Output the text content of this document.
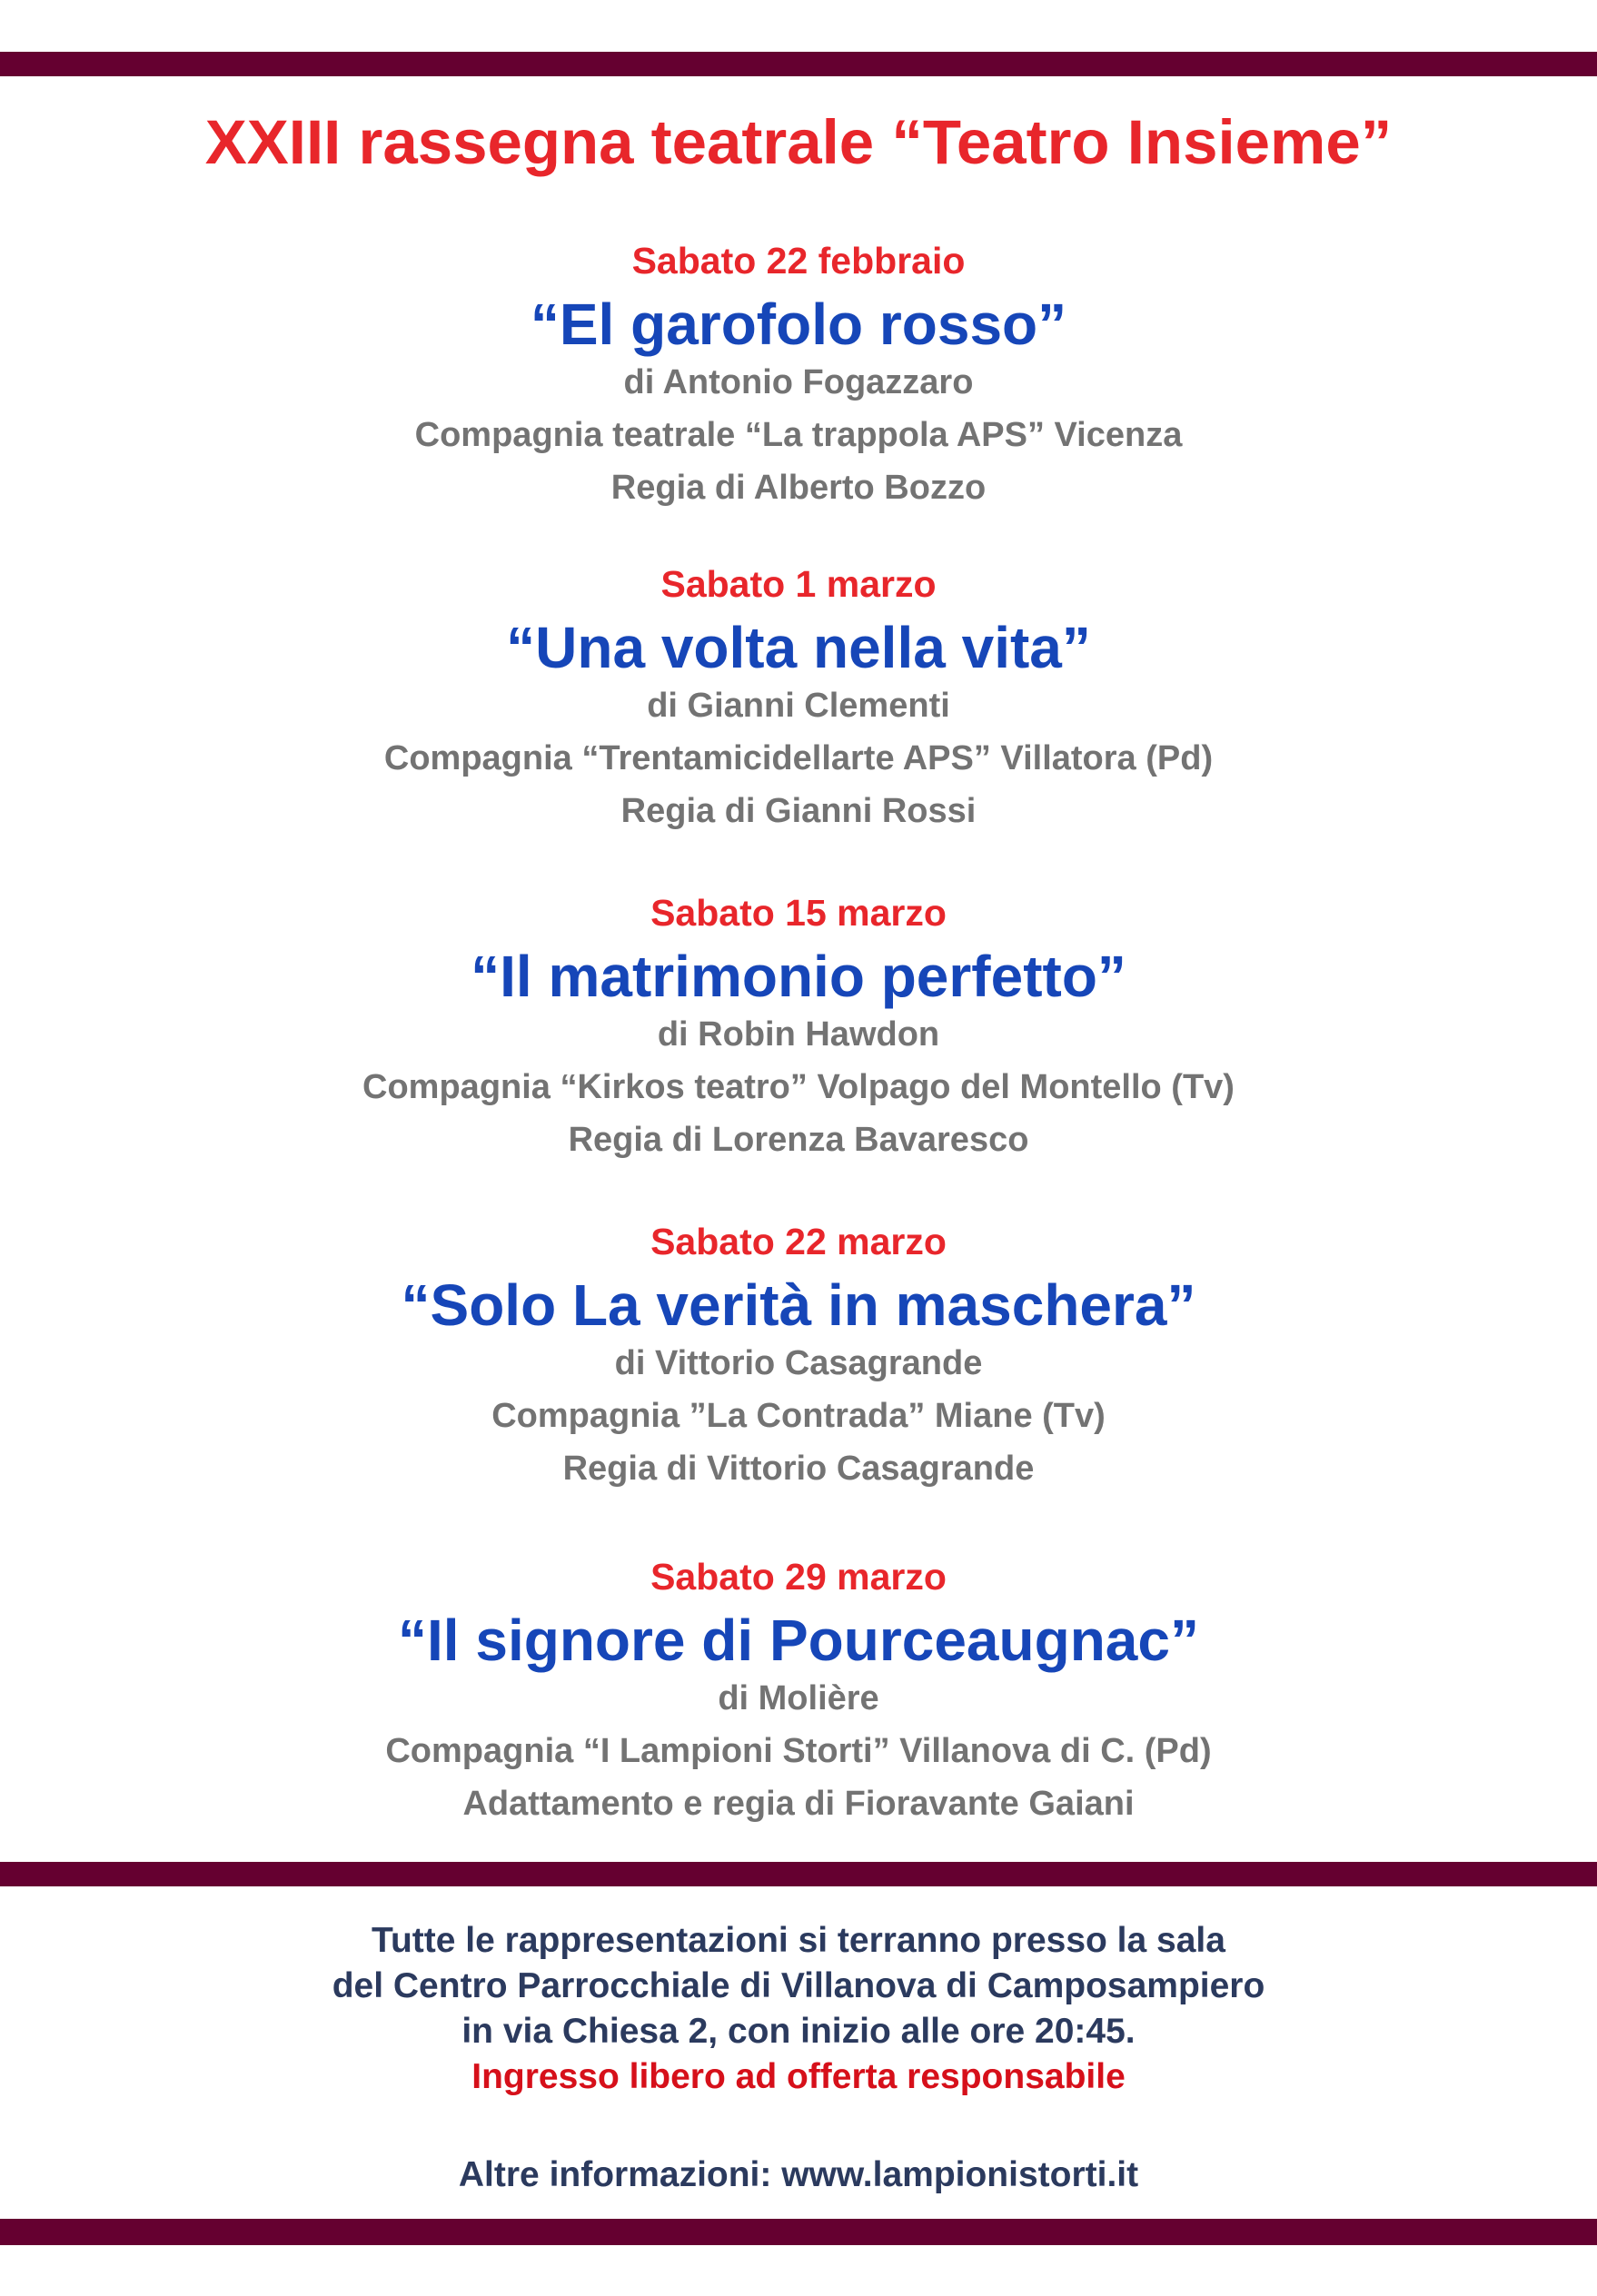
XXIII rassegna teatrale “Teatro Insieme”
Sabato 22 febbraio
“El garofolo rosso”
di Antonio Fogazzaro
Compagnia teatrale “La trappola APS” Vicenza
Regia di Alberto Bozzo
Sabato 1 marzo
“Una volta nella vita”
di Gianni Clementi
Compagnia “Trentamicidellarte APS” Villatora (Pd)
Regia di Gianni Rossi
Sabato 15 marzo
“Il matrimonio perfetto”
di Robin Hawdon
Compagnia “Kirkos teatro” Volpago del Montello (Tv)
Regia di Lorenza Bavaresco
Sabato 22 marzo
“Solo La verità in maschera”
di Vittorio Casagrande
Compagnia ”La Contrada” Miane (Tv)
Regia di Vittorio Casagrande
Sabato 29 marzo
“Il signore di Pourceaugnac”
di Molière
Compagnia “I Lampioni Storti” Villanova di C. (Pd)
Adattamento e regia di Fioravante Gaiani
Tutte le rappresentazioni si terranno presso la sala
del Centro Parrocchiale di Villanova di Camposampiero
in via Chiesa 2, con inizio alle ore 20:45.
Ingresso libero ad offerta responsabile
Altre informazioni: www.lampionistorti.it
